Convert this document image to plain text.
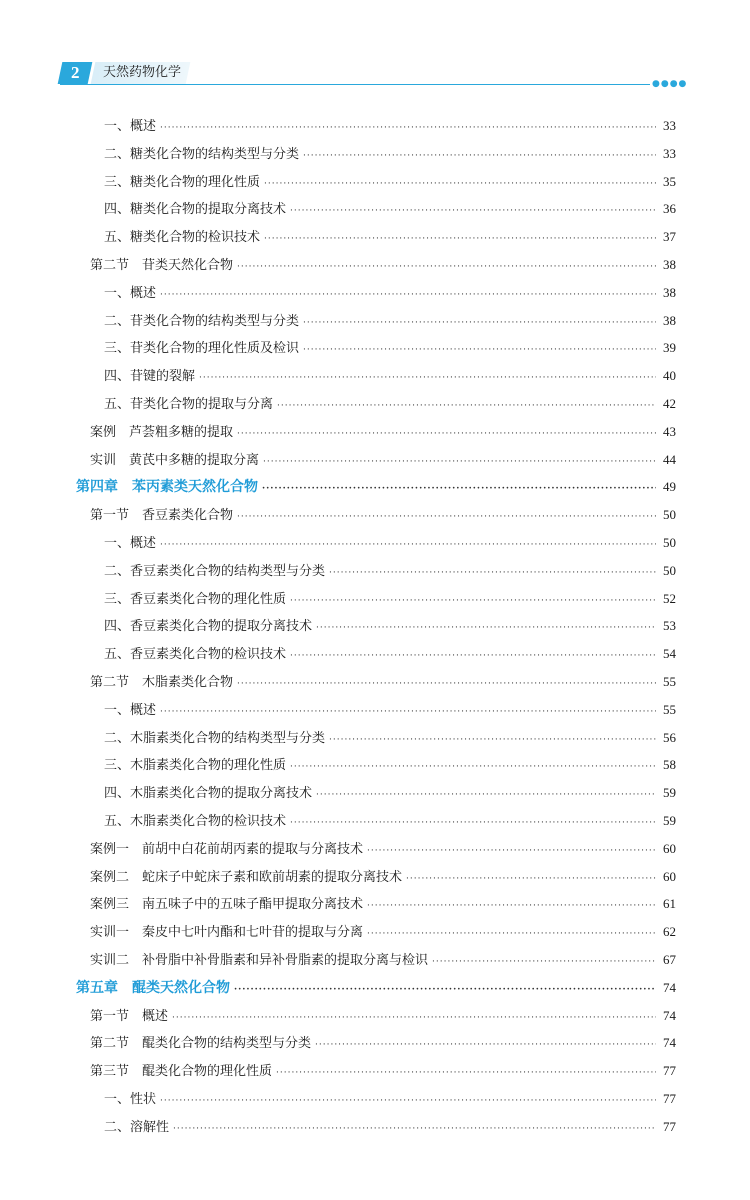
2	天然药物化学
●●●●
一、概述 ·····	33
二、糖类化合物的结构类型与分类 ·····	33
三、糖类化合物的理化性质 ·····	35
四、糖类化合物的提取分离技术 ·····	36
五、糖类化合物的检识技术 ·····	37
第二节　苷类天然化合物 ·····	38
一、概述 ·····	38
二、苷类化合物的结构类型与分类 ·····	38
三、苷类化合物的理化性质及检识 ·····	39
四、苷键的裂解 ·····	40
五、苷类化合物的提取与分离 ·····	42
案例　芦荟粗多糖的提取 ·····	43
实训　黄芪中多糖的提取分离 ·····	44
第四章　苯丙素类天然化合物 ·····	49
第一节　香豆素类化合物 ·····	50
一、概述 ·····	50
二、香豆素类化合物的结构类型与分类 ·····	50
三、香豆素类化合物的理化性质 ·····	52
四、香豆素类化合物的提取分离技术 ·····	53
五、香豆素类化合物的检识技术 ·····	54
第二节　木脂素类化合物 ·····	55
一、概述 ·····	55
二、木脂素类化合物的结构类型与分类 ·····	56
三、木脂素类化合物的理化性质 ·····	58
四、木脂素类化合物的提取分离技术 ·····	59
五、木脂素类化合物的检识技术 ·····	59
案例一　前胡中白花前胡丙素的提取与分离技术 ·····	60
案例二　蛇床子中蛇床子素和欧前胡素的提取分离技术 ·····	60
案例三　南五味子中的五味子酯甲提取分离技术 ·····	61
实训一　秦皮中七叶内酯和七叶苷的提取与分离 ·····	62
实训二　补骨脂中补骨脂素和异补骨脂素的提取分离与检识 ·····	67
第五章　醌类天然化合物 ·····	74
第一节　概述 ·····	74
第二节　醌类化合物的结构类型与分类 ·····	74
第三节　醌类化合物的理化性质 ·····	77
一、性状 ·····	77
二、溶解性 ·····	77
